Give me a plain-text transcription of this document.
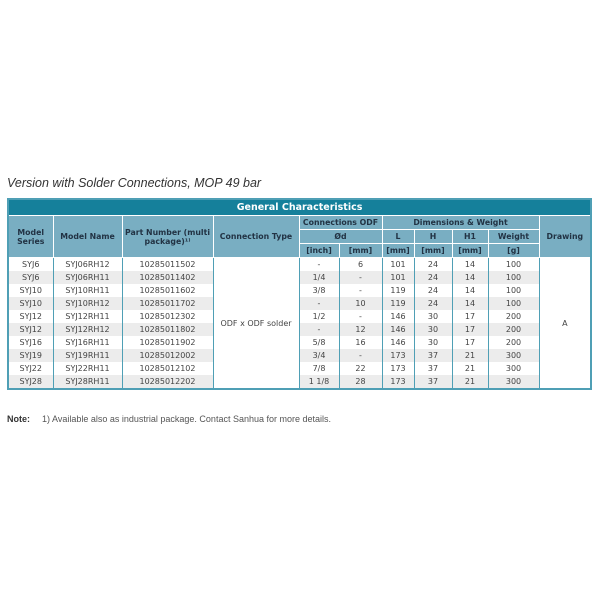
Version with Solder Connections, MOP 49 bar
General Characteristics										
Model Series	Model Name	Part Number (multi package)¹⁾	Connection Type	Connections ODF		Dimensions & Weight				Drawing
				Ød		L	H	H1	Weight	
				[inch]	[mm]	[mm]	[mm]	[mm]	[g]	
SYJ6	SYJ06RH12	10285011502	ODF x ODF solder	-	6	101	24	14	100	A
SYJ6	SYJ06RH11	10285011402		1/4	-	101	24	14	100	
SYJ10	SYJ10RH11	10285011602		3/8	-	119	24	14	100	
SYJ10	SYJ10RH12	10285011702		-	10	119	24	14	100	
SYJ12	SYJ12RH11	10285012302		1/2	-	146	30	17	200	
SYJ12	SYJ12RH12	10285011802		-	12	146	30	17	200	
SYJ16	SYJ16RH11	10285011902		5/8	16	146	30	17	200	
SYJ19	SYJ19RH11	10285012002		3/4	-	173	37	21	300	
SYJ22	SYJ22RH11	10285012102		7/8	22	173	37	21	300	
SYJ28	SYJ28RH11	10285012202		1 1/8	28	173	37	21	300	
Note: 1) Available also as industrial package. Contact Sanhua for more details.
